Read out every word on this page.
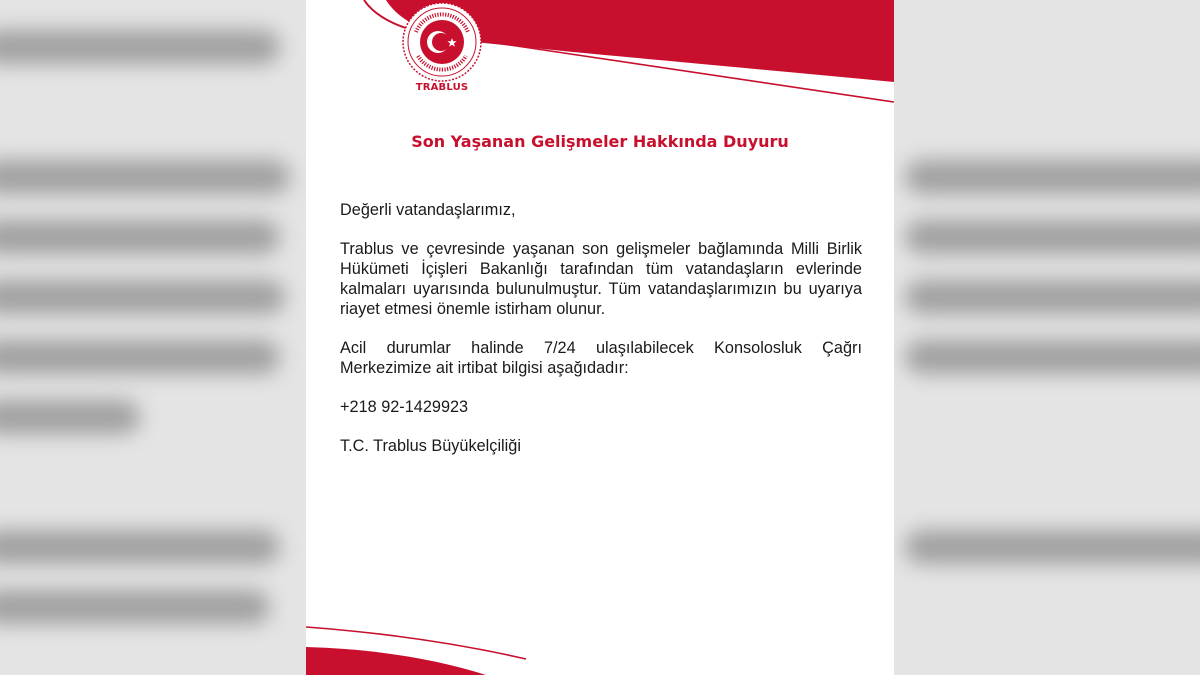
TRABLUS
Son Yaşanan Gelişmeler Hakkında Duyuru

Değerli vatandaşlarımız,

Trablus ve çevresinde yaşanan son gelişmeler bağlamında Milli Birlik Hükümeti İçişleri Bakanlığı tarafından tüm vatandaşların evlerinde kalmaları uyarısında bulunulmuştur. Tüm vatandaşlarımızın bu uyarıya riayet etmesi önemle istirham olunur.

Acil durumlar halinde 7/24 ulaşılabilecek Konsolosluk Çağrı Merkezimize ait irtibat bilgisi aşağıdadır:

+218 92-1429923

T.C. Trablus Büyükelçiliği
